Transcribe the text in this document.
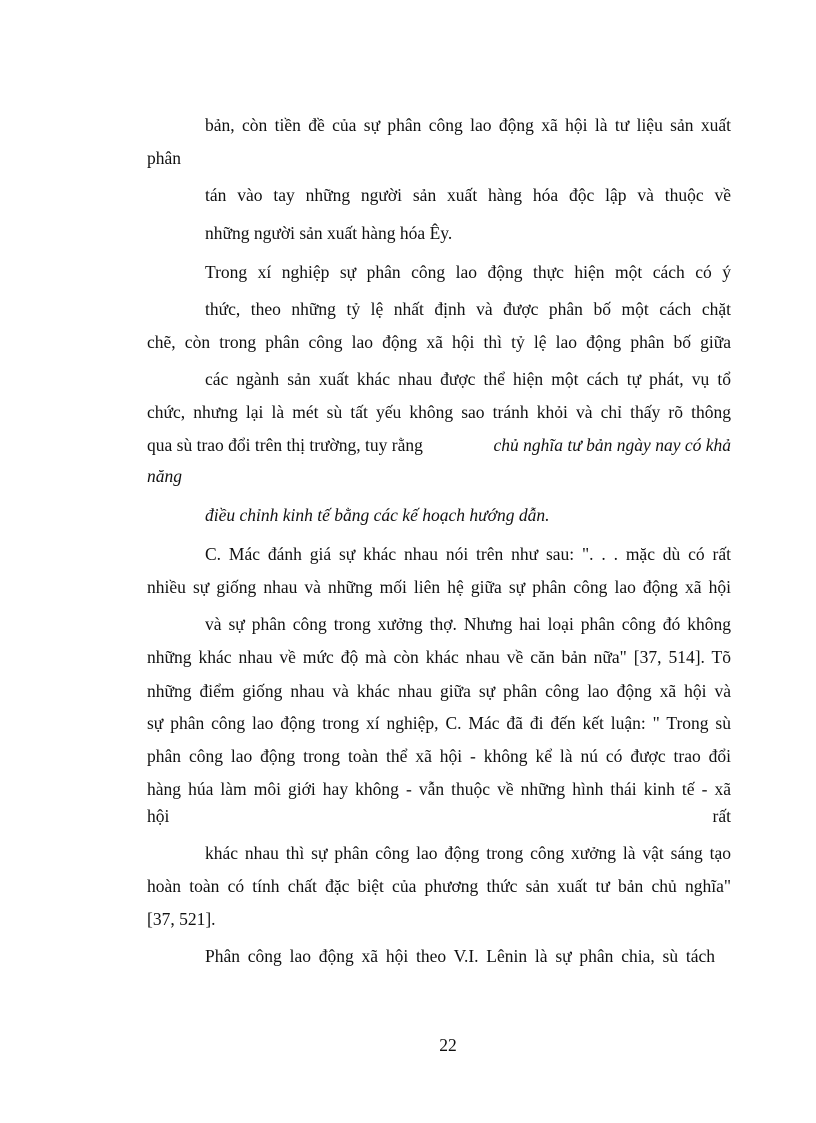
bản, còn tiền đề của sự phân công lao động xã hội là tư liệu sản xuất
phân
tán vào tay những người sản xuất hàng hóa độc lập và thuộc về
những người sản xuất hàng hóa Êy.
Trong xí nghiệp sự phân công lao động thực hiện một cách có ý
thức, theo những tỷ lệ nhất định và được phân bố một cách chặt
chẽ, còn trong phân công lao động xã hội thì tỷ lệ lao động phân bố giữa
các ngành sản xuất khác nhau được thể hiện một cách tự phát, vụ tổ
chức, nhưng lại là mét sù tất yếu không sao tránh khỏi và chỉ thấy rõ thông
qua sù trao đổi trên thị trường, tuy rằng	chủ nghĩa tư bản ngày nay có khả
năng
điều chỉnh kinh tế bằng các kế hoạch hướng dẫn.
C. Mác đánh giá sự khác nhau nói trên như sau: ". . . mặc dù có rất
nhiều sự giống nhau và những mối liên hệ giữa sự phân công lao động xã hội
và sự phân công trong xưởng thợ. Nhưng hai loại phân công đó không
những khác nhau về mức độ mà còn khác nhau về căn bản nữa" [37, 514]. Tõ
những điểm giống nhau và khác nhau giữa sự phân công lao động xã hội và
sự phân công lao động trong xí nghiệp, C. Mác đã đi đến kết luận: " Trong sù
phân công lao động trong toàn thể xã hội - không kể là nú có được trao đổi
hàng húa làm môi giới hay không - vẫn thuộc về những hình thái kinh tế - xã
hội	rất
khác nhau thì sự phân công lao động trong công xưởng là vật sáng tạo
hoàn toàn có tính chất đặc biệt của phương thức sản xuất tư bản chủ nghĩa"
[37, 521].
Phân công lao động xã hội theo V.I. Lênin là sự phân chia, sù tách
22
